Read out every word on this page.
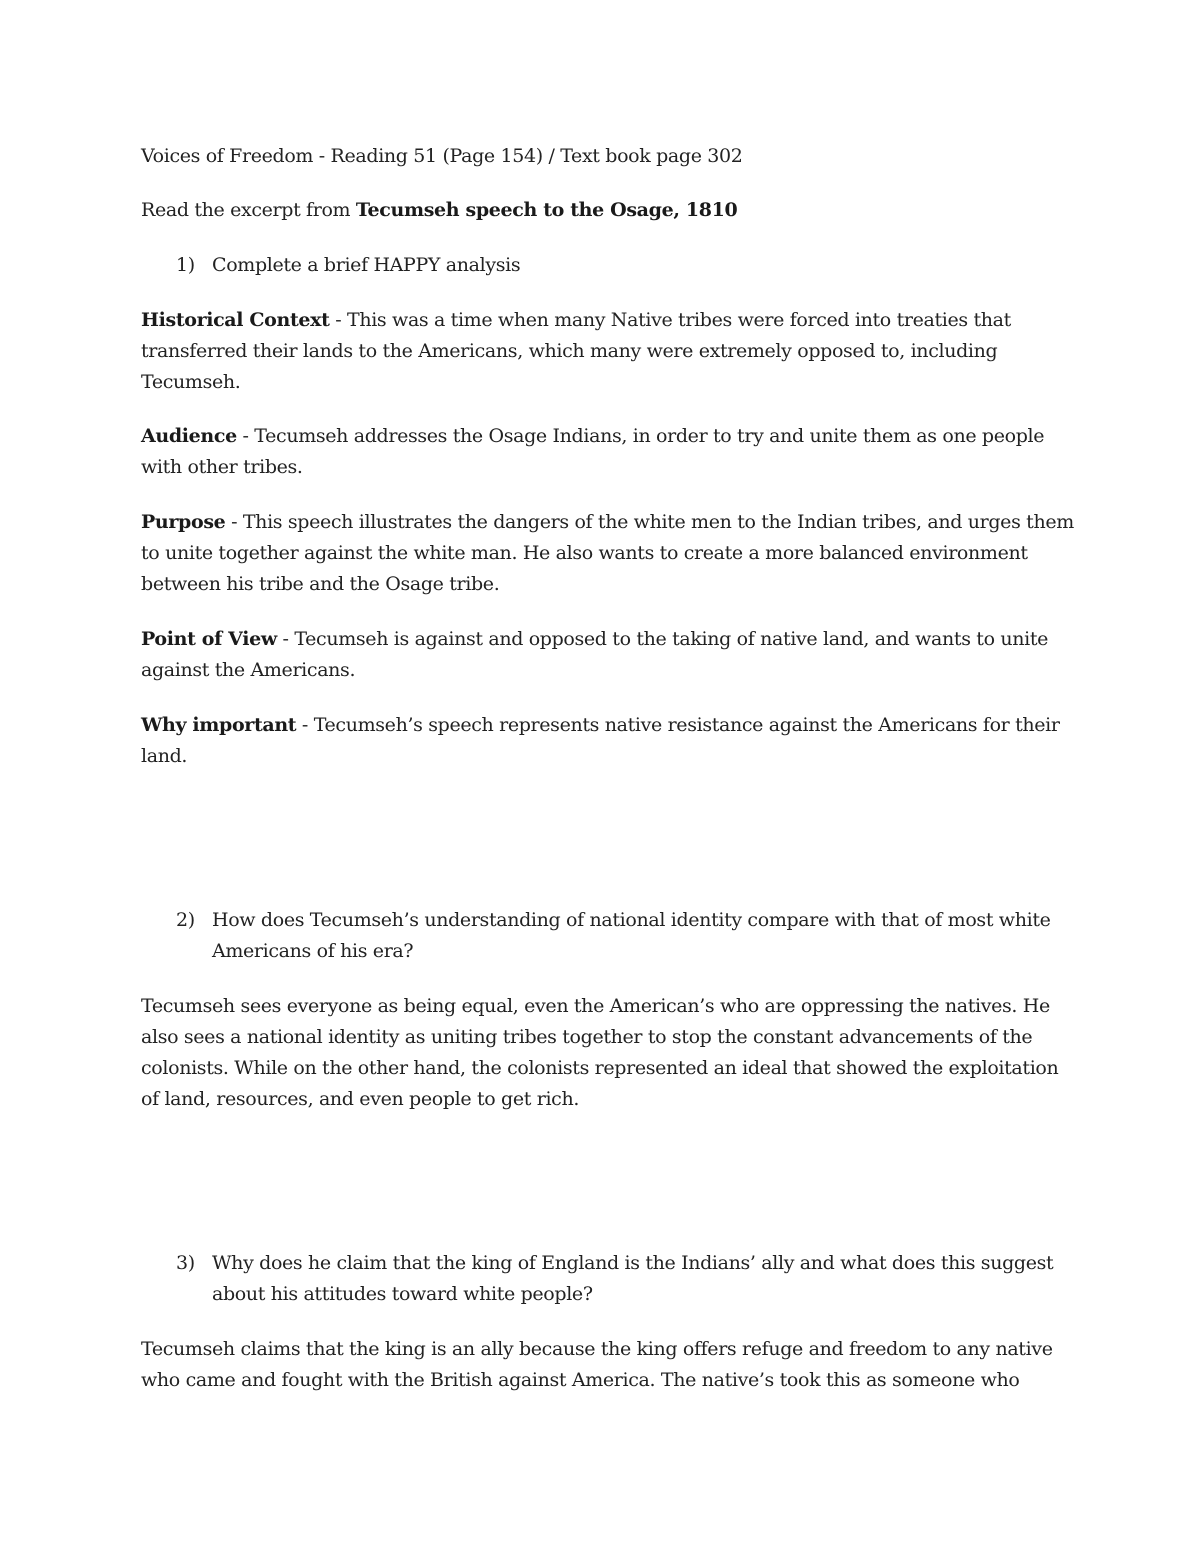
Voices of Freedom - Reading 51 (Page 154) / Text book page 302
Read the excerpt from Tecumseh speech to the Osage, 1810
1) Complete a brief HAPPY analysis

Historical Context - This was a time when many Native tribes were forced into treaties that transferred their lands to the Americans, which many were extremely opposed to, including Tecumseh.

Audience - Tecumseh addresses the Osage Indians, in order to try and unite them as one people with other tribes.

Purpose - This speech illustrates the dangers of the white men to the Indian tribes, and urges them to unite together against the white man. He also wants to create a more balanced environment between his tribe and the Osage tribe.

Point of View - Tecumseh is against and opposed to the taking of native land, and wants to unite against the Americans.

Why important - Tecumseh’s speech represents native resistance against the Americans for their land.

2) How does Tecumseh’s understanding of national identity compare with that of most white Americans of his era?

Tecumseh sees everyone as being equal, even the American’s who are oppressing the natives. He also sees a national identity as uniting tribes together to stop the constant advancements of the colonists. While on the other hand, the colonists represented an ideal that showed the exploitation of land, resources, and even people to get rich.

3) Why does he claim that the king of England is the Indians’ ally and what does this suggest about his attitudes toward white people?

Tecumseh claims that the king is an ally because the king offers refuge and freedom to any native who came and fought with the British against America. The native’s took this as someone who
